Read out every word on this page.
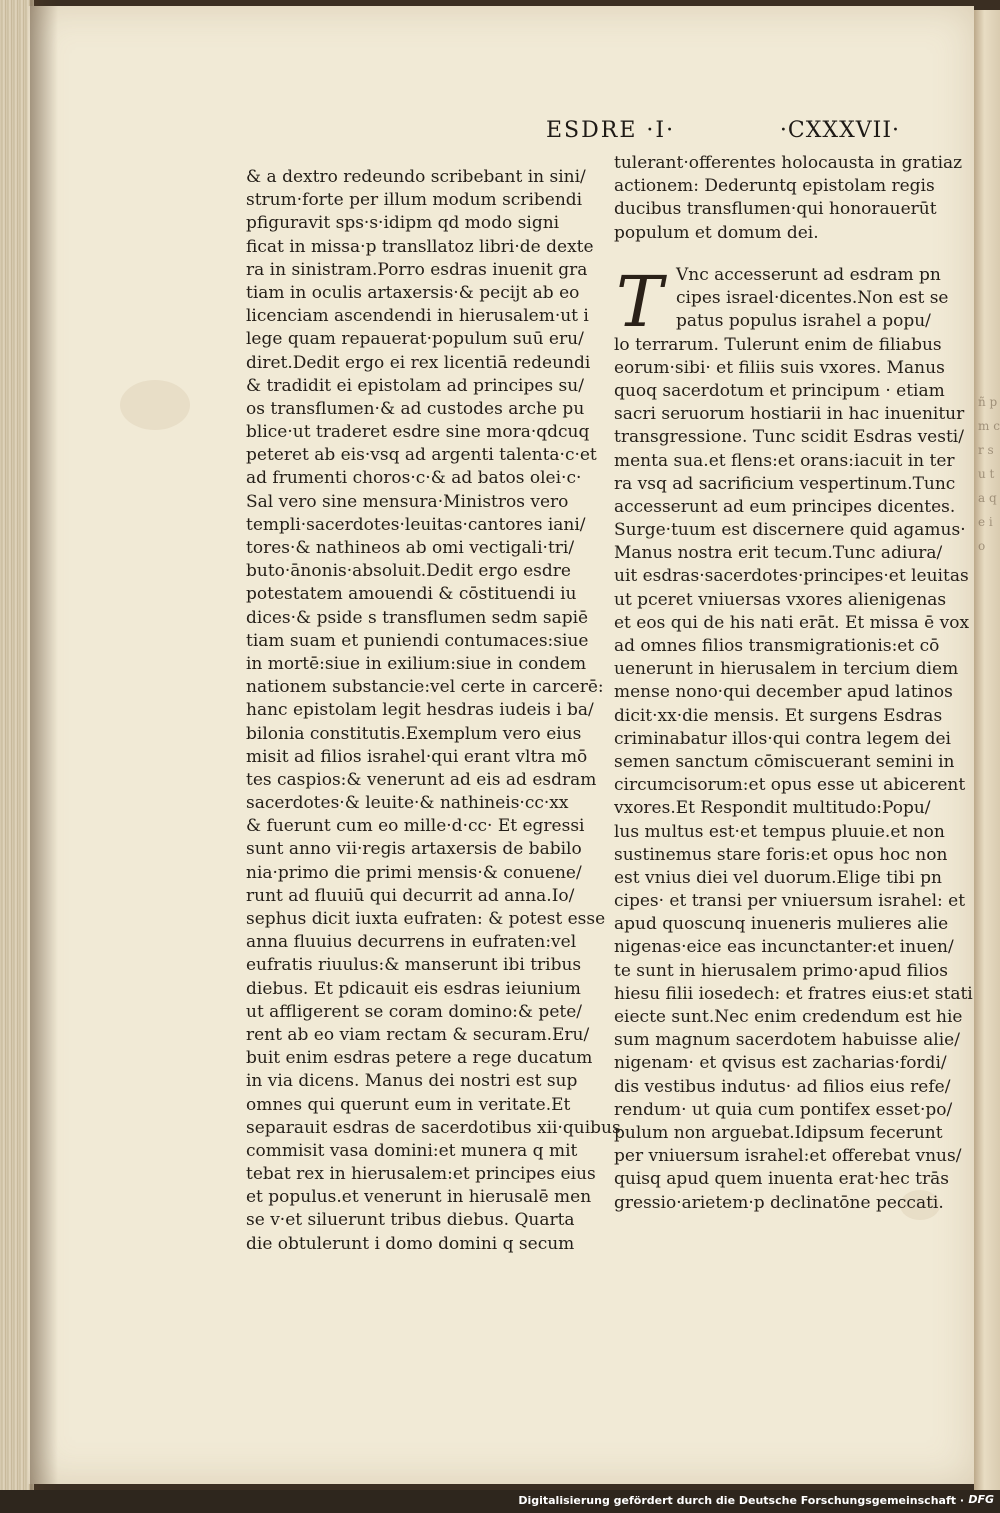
ñ p m c r s u t a q e i o
ESDRE ·I·	·CXXXVII·
& a dextro redeundo scribebant in sini/
strum·forte per illum modum scribendi
pfiguravit sps·s·idipm qd modo signi
ficat in missa·p transllatoz libri·de dexte
ra in sinistram.Porro esdras inuenit gra
tiam in oculis artaxersis·& pecijt ab eo
licenciam ascendendi in hierusalem·ut i
lege quam repauerat·populum suū eru/
diret.Dedit ergo ei rex licentiā redeundi
& tradidit ei epistolam ad principes su/
os transflumen·& ad custodes arche pu
blice·ut traderet esdre sine mora·qdcuq
peteret ab eis·vsq ad argenti talenta·c·et
ad frumenti choros·c·& ad batos olei·c·
Sal vero sine mensura·Ministros vero
templi·sacerdotes·leuitas·cantores iani/
tores·& nathineos ab omi vectigali·tri/
buto·ānonis·absoluit.Dedit ergo esdre
potestatem amouendi & cōstituendi iu
dices·& pside s transflumen sedm sapiē
tiam suam et puniendi contumaces:siue
in mortē:siue in exilium:siue in condem
nationem substancie:vel certe in carcerē:
hanc epistolam legit hesdras iudeis i ba/
bilonia constitutis.Exemplum vero eius
misit ad filios israhel·qui erant vltra mō
tes caspios:& venerunt ad eis ad esdram
sacerdotes·& leuite·& nathineis·cc·xx
& fuerunt cum eo mille·d·cc· Et egressi
sunt anno vii·regis artaxersis de babilo
nia·primo die primi mensis·& conuene/
runt ad fluuiū qui decurrit ad anna.Io/
sephus dicit iuxta eufraten: & potest esse
anna fluuius decurrens in eufraten:vel
eufratis riuulus:& manserunt ibi tribus
diebus. Et pdicauit eis esdras ieiunium
ut affligerent se coram domino:& pete/
rent ab eo viam rectam & securam.Eru/
buit enim esdras petere a rege ducatum
in via dicens. Manus dei nostri est sup
omnes qui querunt eum in veritate.Et
separauit esdras de sacerdotibus xii·quibus
commisit vasa domini:et munera q mit
tebat rex in hierusalem:et principes eius
et populus.et venerunt in hierusalē men
se v·et siluerunt tribus diebus. Quarta
die obtulerunt i domo domini q secum
tulerant·offerentes holocausta in gratiaz
actionem: Dederuntq epistolam regis
ducibus transflumen·qui honorauerūt
populum et domum dei.
T Vnc accesserunt ad esdram pn
cipes israel·dicentes.Non est se
patus populus israhel a popu/
lo terrarum. Tulerunt enim de filiabus
eorum·sibi· et filiis suis vxores. Manus
quoq sacerdotum et principum · etiam
sacri seruorum hostiarii in hac inuenitur
transgressione. Tunc scidit Esdras vesti/
menta sua.et flens:et orans:iacuit in ter
ra vsq ad sacrificium vespertinum.Tunc
accesserunt ad eum principes dicentes.
Surge·tuum est discernere quid agamus·
Manus nostra erit tecum.Tunc adiura/
uit esdras·sacerdotes·principes·et leuitas
ut pceret vniuersas vxores alienigenas
et eos qui de his nati erāt. Et missa ē vox
ad omnes filios transmigrationis:et cō
uenerunt in hierusalem in tercium diem
mense nono·qui december apud latinos
dicit·xx·die mensis. Et surgens Esdras
criminabatur illos·qui contra legem dei
semen sanctum cōmiscuerant semini in
circumcisorum:et opus esse ut abicerent
vxores.Et Respondit multitudo:Popu/
lus multus est·et tempus pluuie.et non
sustinemus stare foris:et opus hoc non
est vnius diei vel duorum.Elige tibi pn
cipes· et transi per vniuersum israhel: et
apud quoscunq inueneris mulieres alie
nigenas·eice eas incunctanter:et inuen/
te sunt in hierusalem primo·apud filios
hiesu filii iosedech: et fratres eius:et stati
eiecte sunt.Nec enim credendum est hie
sum magnum sacerdotem habuisse alie/
nigenam· et qvisus est zacharias·fordi/
dis vestibus indutus· ad filios eius refe/
rendum· ut quia cum pontifex esset·po/
pulum non arguebat.Idipsum fecerunt
per vniuersum israhel:et offerebat vnus/
quisq apud quem inuenta erat·hec trās
gressio·arietem·p declinatōne peccati.
Digitalisierung gefördert durch die Deutsche Forschungsgemeinschaft · DFG
